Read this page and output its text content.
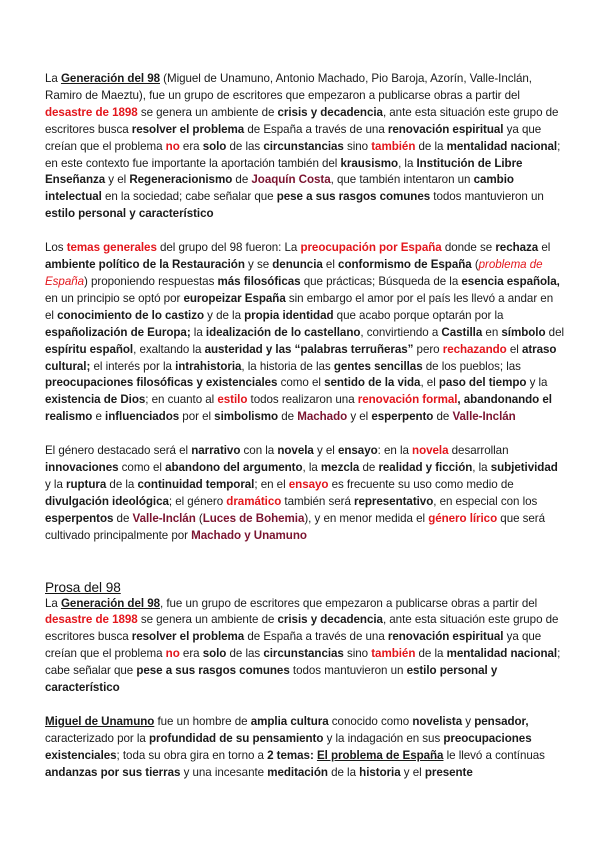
La Generación del 98 (Miguel de Unamuno, Antonio Machado, Pio Baroja, Azorín, Valle-Inclán, Ramiro de Maeztu), fue un grupo de escritores que empezaron a publicarse obras a partir del desastre de 1898 se genera un ambiente de crisis y decadencia, ante esta situación este grupo de escritores busca resolver el problema de España a través de una renovación espiritual ya que creían que el problema no era solo de las circunstancias sino también de la mentalidad nacional; en este contexto fue importante la aportación también del krausismo, la Institución de Libre Enseñanza y el Regeneracionismo de Joaquín Costa, que también intentaron un cambio intelectual en la sociedad; cabe señalar que pese a sus rasgos comunes todos mantuvieron un estilo personal y característico

Los temas generales del grupo del 98 fueron: La preocupación por España donde se rechaza el ambiente político de la Restauración y se denuncia el conformismo de España (problema de España) proponiendo respuestas más filosóficas que prácticas; Búsqueda de la esencia española, en un principio se optó por europeizar España sin embargo el amor por el país les llevó a andar en el conocimiento de lo castizo y de la propia identidad que acabo porque optarán por la españolización de Europa; la idealización de lo castellano, convirtiendo a Castilla en símbolo del espíritu español, exaltando la austeridad y las “palabras terruñeras” pero rechazando el atraso cultural; el interés por la intrahistoria, la historia de las gentes sencillas de los pueblos; las preocupaciones filosóficas y existenciales como el sentido de la vida, el paso del tiempo y la existencia de Dios; en cuanto al estilo todos realizaron una renovación formal, abandonando el realismo e influenciados por el simbolismo de Machado y el esperpento de Valle-Inclán

El género destacado será el narrativo con la novela y el ensayo: en la novela desarrollan innovaciones como el abandono del argumento, la mezcla de realidad y ficción, la subjetividad y la ruptura de la continuidad temporal; en el ensayo es frecuente su uso como medio de divulgación ideológica; el género dramático también será representativo, en especial con los esperpentos de Valle-Inclán (Luces de Bohemia), y en menor medida el género lírico que será cultivado principalmente por Machado y Unamuno

Prosa del 98

La Generación del 98, fue un grupo de escritores que empezaron a publicarse obras a partir del desastre de 1898 se genera un ambiente de crisis y decadencia, ante esta situación este grupo de escritores busca resolver el problema de España a través de una renovación espiritual ya que creían que el problema no era solo de las circunstancias sino también de la mentalidad nacional; cabe señalar que pese a sus rasgos comunes todos mantuvieron un estilo personal y característico

Miguel de Unamuno fue un hombre de amplia cultura conocido como novelista y pensador, caracterizado por la profundidad de su pensamiento y la indagación en sus preocupaciones existenciales; toda su obra gira en torno a 2 temas: El problema de España le llevó a contínuas andanzas por sus tierras y una incesante meditación de la historia y el presente
